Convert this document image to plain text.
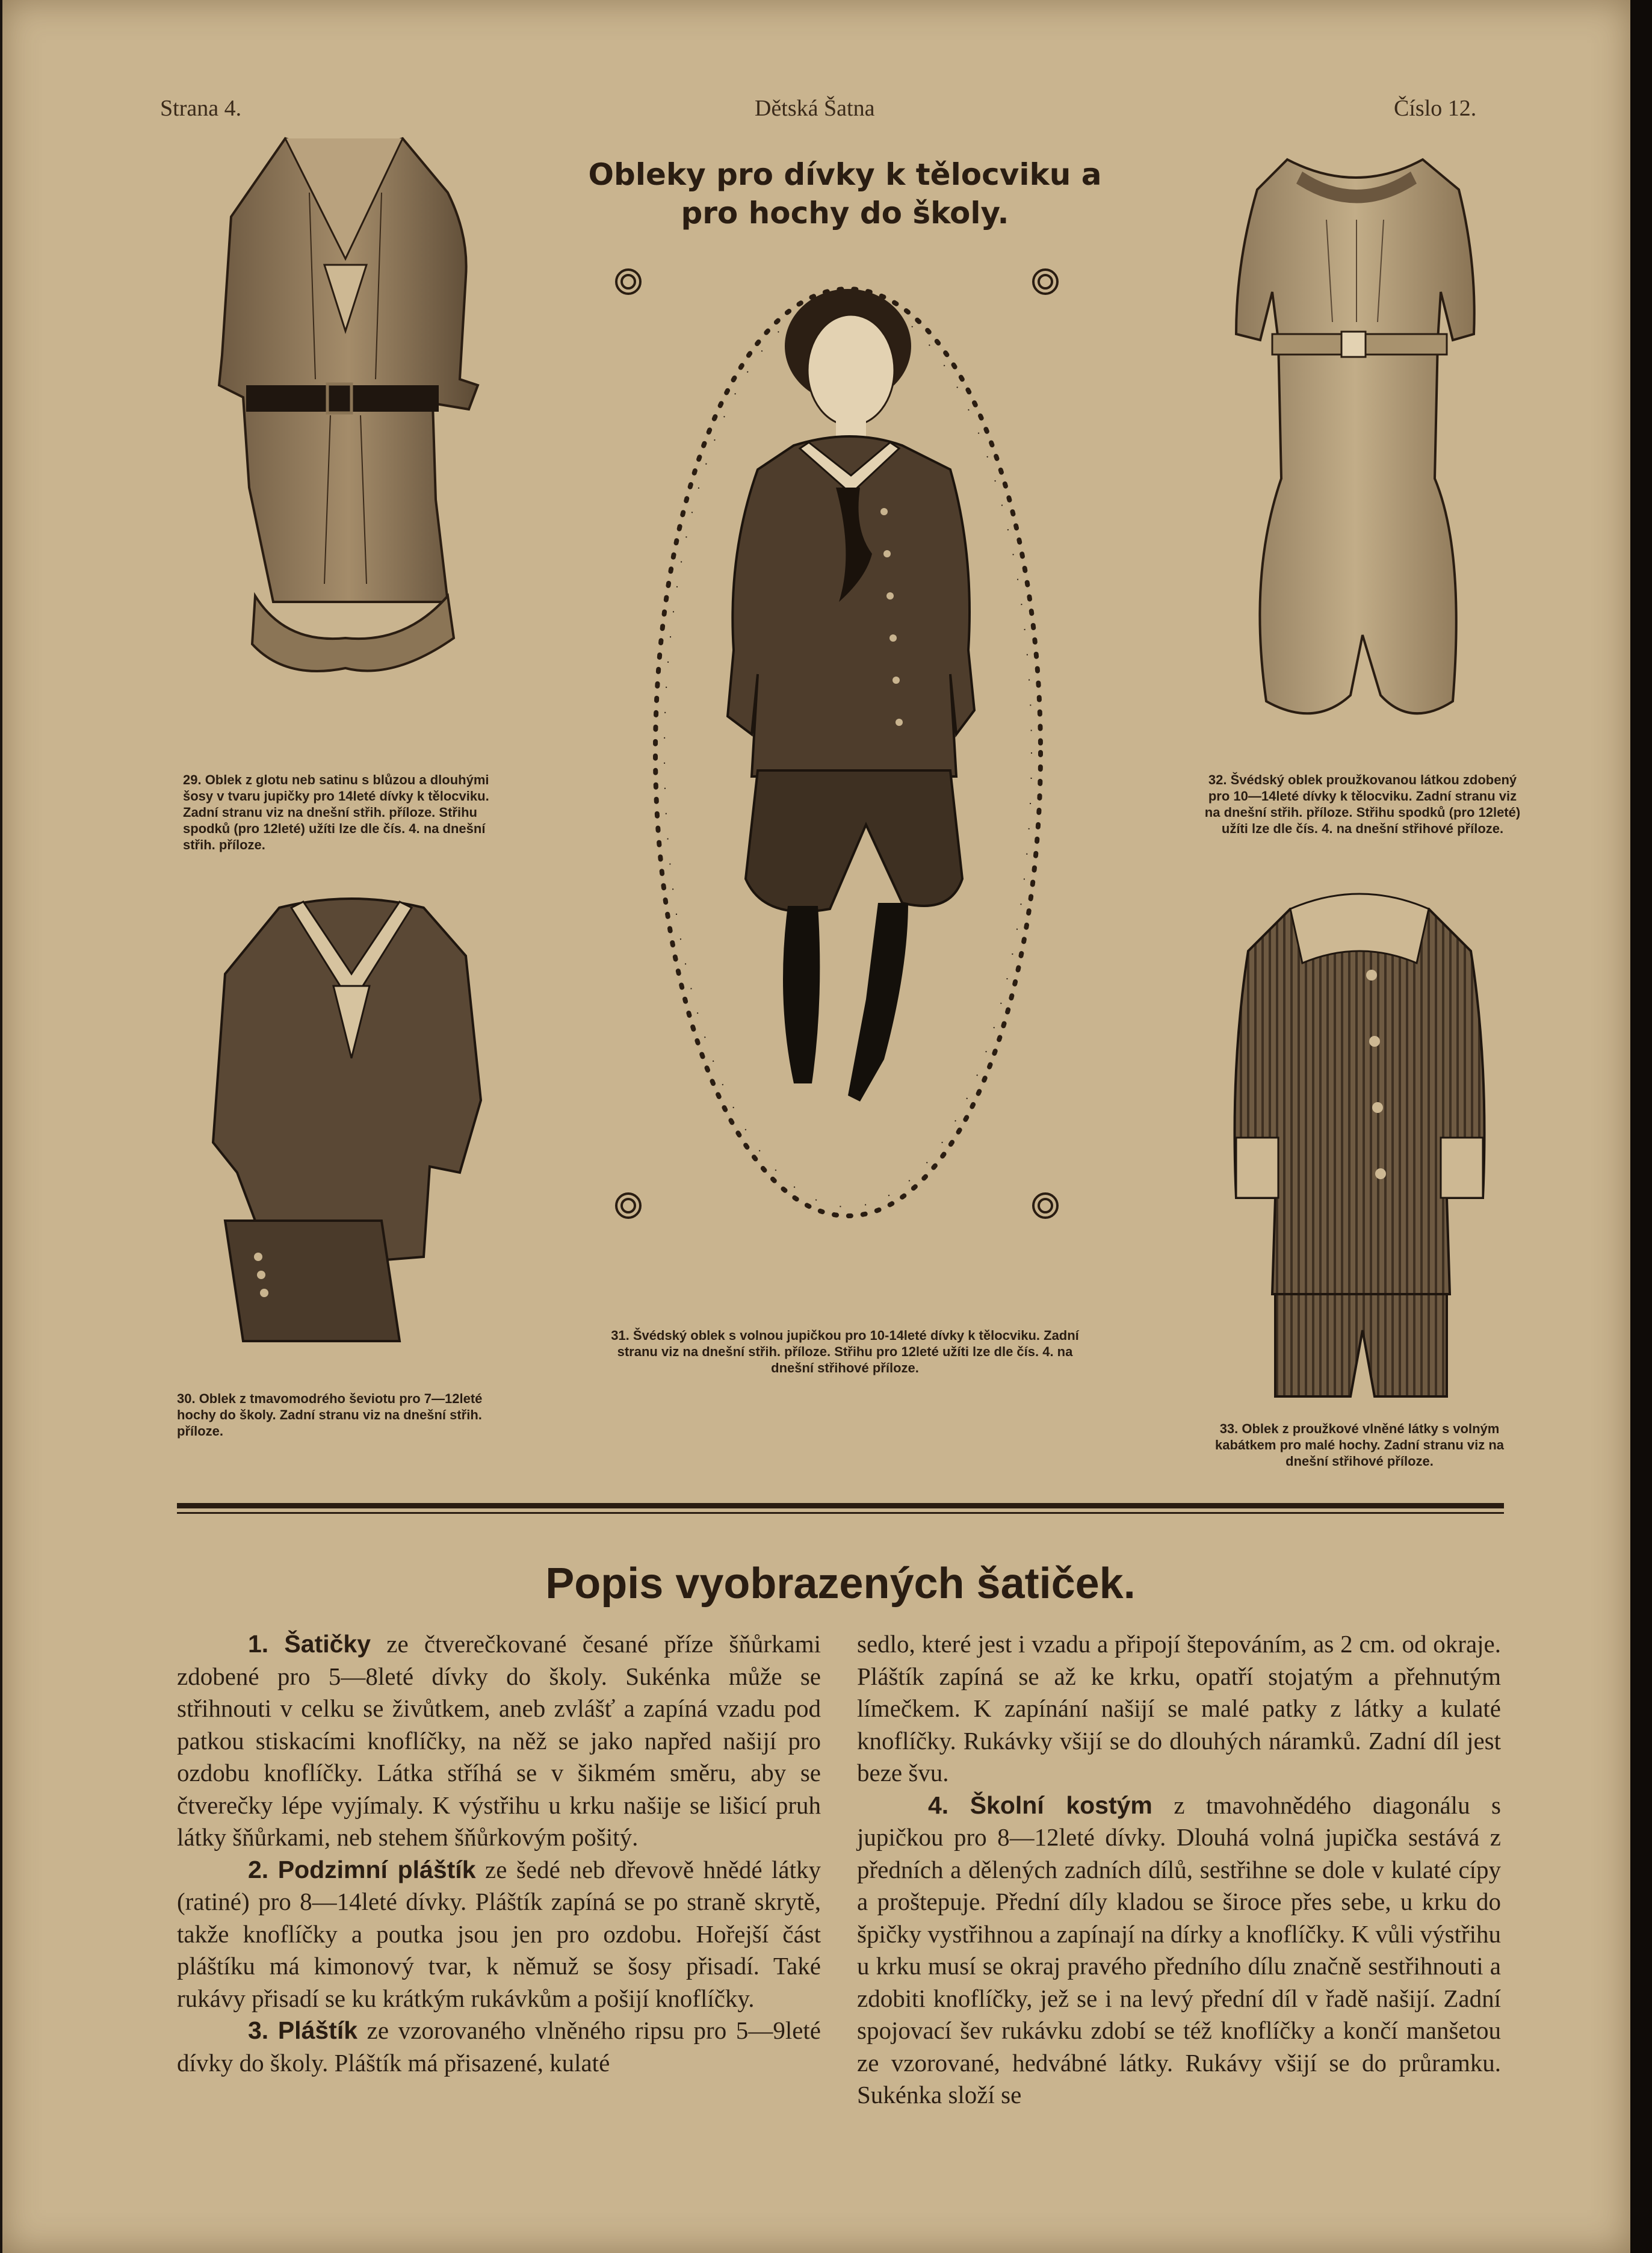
Strana 4.	Dětská Šatna	Číslo 12.
Obleky pro dívky k tělocviku a pro hochy do školy.
29. Oblek z glotu neb satinu s blůzou a dlouhými šosy v tvaru jupičky pro 14leté dívky k tělocviku. Zadní stranu viz na dnešní střih. příloze. Střihu spodků (pro 12leté) užíti lze dle čís. 4. na dnešní střih. příloze.
30. Oblek z tmavomodrého ševiotu pro 7—12leté hochy do školy. Zadní stranu viz na dnešní střih. příloze.
31. Švédský oblek s volnou jupičkou pro 10-14leté dívky k tělocviku. Zadní stranu viz na dnešní střih. příloze. Střihu pro 12leté užíti lze dle čís. 4. na dnešní střihové příloze.
32. Švédský oblek proužkovanou látkou zdobený pro 10—14leté dívky k tělocviku. Zadní stranu viz na dnešní střih. příloze. Střihu spodků (pro 12leté) užíti lze dle čís. 4. na dnešní střihové příloze.
33. Oblek z proužkové vlněné látky s volným kabátkem pro malé hochy. Zadní stranu viz na dnešní střihové příloze.
Popis vyobrazených šatiček.

1. Šatičky ze čtverečkované česané příze šňůrkami zdobené pro 5—8leté dívky do školy. Sukénka může se střihnouti v celku se živůtkem, aneb zvlášť a zapíná vzadu pod patkou stiskacími knoflíčky, na něž se jako napřed našijí pro ozdobu knoflíčky. Látka stříhá se v šikmém směru, aby se čtverečky lépe vyjímaly. K výstřihu u krku našije se lišicí pruh látky šňůrkami, neb stehem šňůrkovým pošitý.

2. Podzimní pláštík ze šedé neb dřevově hnědé látky (ratiné) pro 8—14leté dívky. Pláštík zapíná se po straně skrytě, takže knoflíčky a poutka jsou jen pro ozdobu. Hořejší část pláštíku má kimonový tvar, k němuž se šosy přisadí. Také rukávy přisadí se ku krátkým rukávkům a pošijí knoflíčky.

3. Pláštík ze vzorovaného vlněného ripsu pro 5—9leté dívky do školy. Pláštík má přisazené, kulaté

sedlo, které jest i vzadu a připojí štepováním, as 2 cm. od okraje. Pláštík zapíná se až ke krku, opatří stojatým a přehnutým límečkem. K zapínání našijí se malé patky z látky a kulaté knoflíčky. Rukávky všijí se do dlouhých náramků. Zadní díl jest beze švu.

4. Školní kostým z tmavohnědého diagonálu s jupičkou pro 8—12leté dívky. Dlouhá volná jupička sestává z předních a dělených zadních dílů, sestřihne se dole v kulaté cípy a proštepuje. Přední díly kladou se široce přes sebe, u krku do špičky vystřihnou a zapínají na dírky a knoflíčky. K vůli výstřihu u krku musí se okraj pravého předního dílu značně sestřihnouti a zdobiti knoflíčky, jež se i na levý přední díl v řadě našijí. Zadní spojovací šev rukávku zdobí se též knoflíčky a končí manšetou ze vzorované, hedvábné látky. Rukávy všijí se do průramku. Sukénka složí se
